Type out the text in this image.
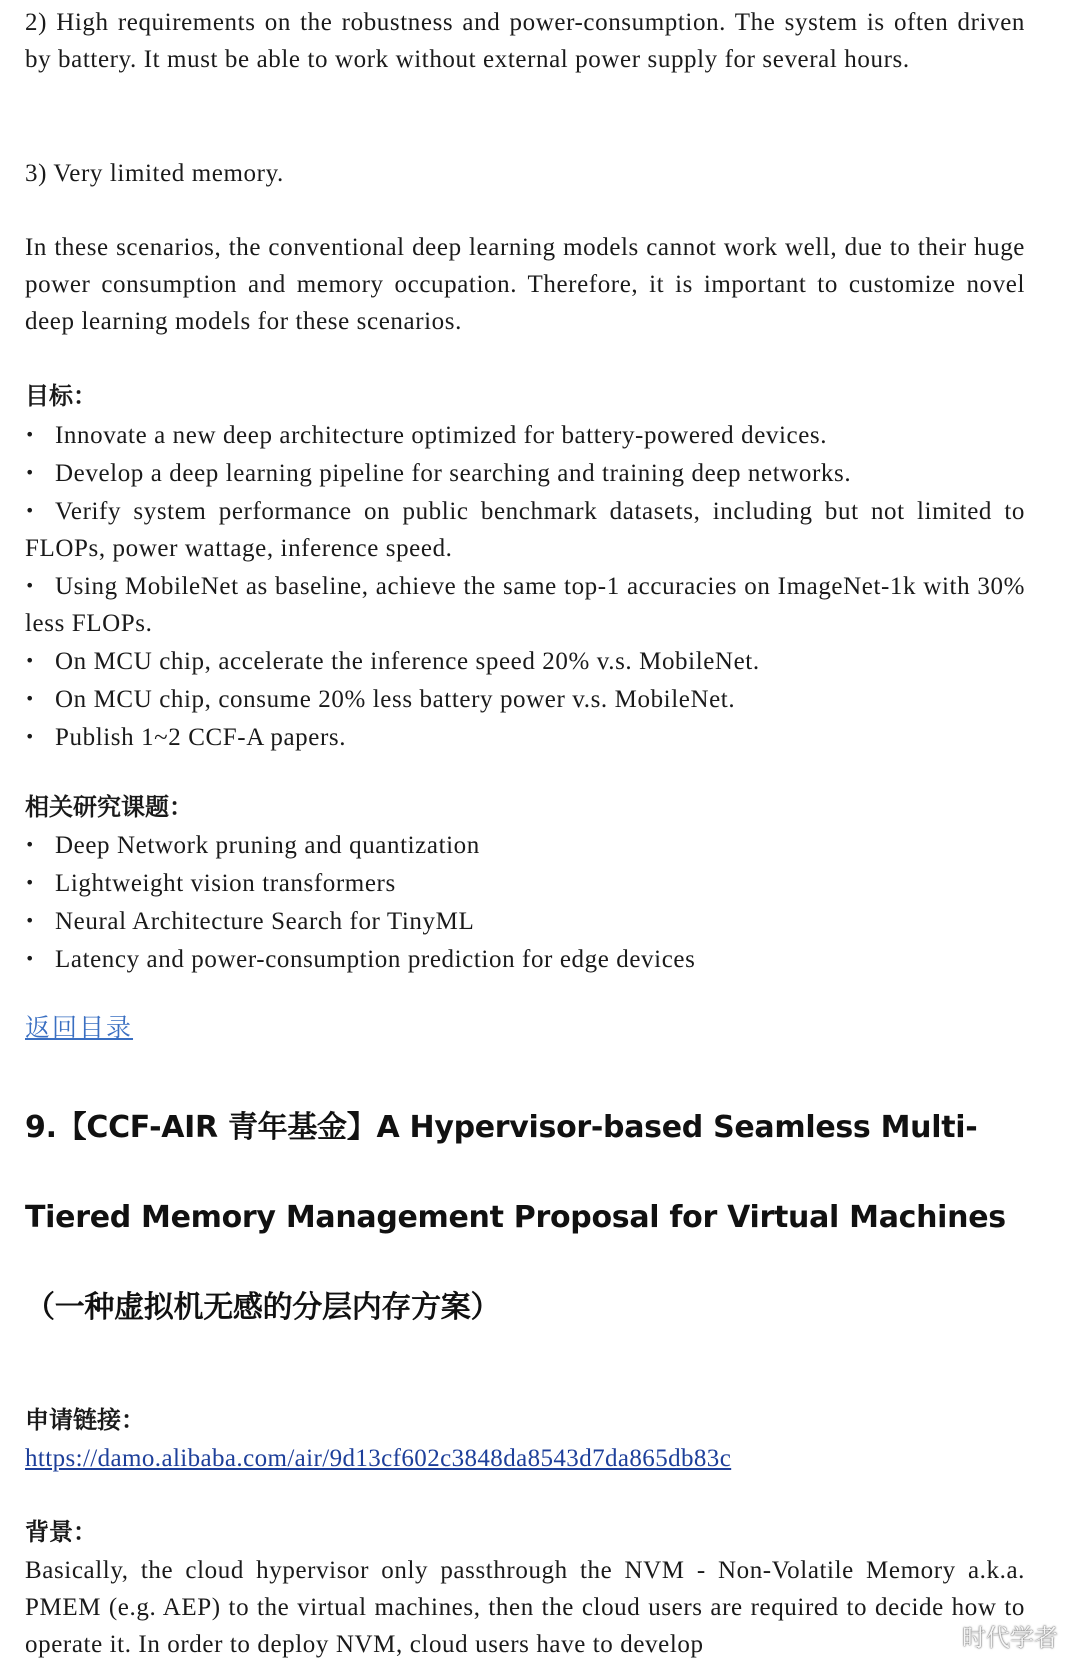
2) High requirements on the robustness and power-consumption. The system is often driven by battery. It must be able to work without external power supply for several hours.

3) Very limited memory.

In these scenarios, the conventional deep learning models cannot work well, due to their huge power consumption and memory occupation. Therefore, it is important to customize novel deep learning models for these scenarios.

目标：
• Innovate a new deep architecture optimized for battery-powered devices.
• Develop a deep learning pipeline for searching and training deep networks.
• Verify system performance on public benchmark datasets, including but not limited to FLOPs, power wattage, inference speed.
• Using MobileNet as baseline, achieve the same top-1 accuracies on ImageNet-1k with 30% less FLOPs.
• On MCU chip, accelerate the inference speed 20% v.s. MobileNet.
• On MCU chip, consume 20% less battery power v.s. MobileNet.
• Publish 1~2 CCF-A papers.
相关研究课题：
• Deep Network pruning and quantization
• Lightweight vision transformers
• Neural Architecture Search for TinyML
• Latency and power-consumption prediction for edge devices
返回目录
9.【CCF-AIR 青年基金】A Hypervisor-based Seamless Multi-Tiered Memory Management Proposal for Virtual Machines（一种虚拟机无感的分层内存方案）
申请链接：
https://damo.alibaba.com/air/9d13cf602c3848da8543d7da865db83c
背景：

Basically, the cloud hypervisor only passthrough the NVM - Non-Volatile Memory a.k.a. PMEM (e.g. AEP) to the virtual machines, then the cloud users are required to decide how to operate it. In order to deploy NVM, cloud users have to develop	时代学者
